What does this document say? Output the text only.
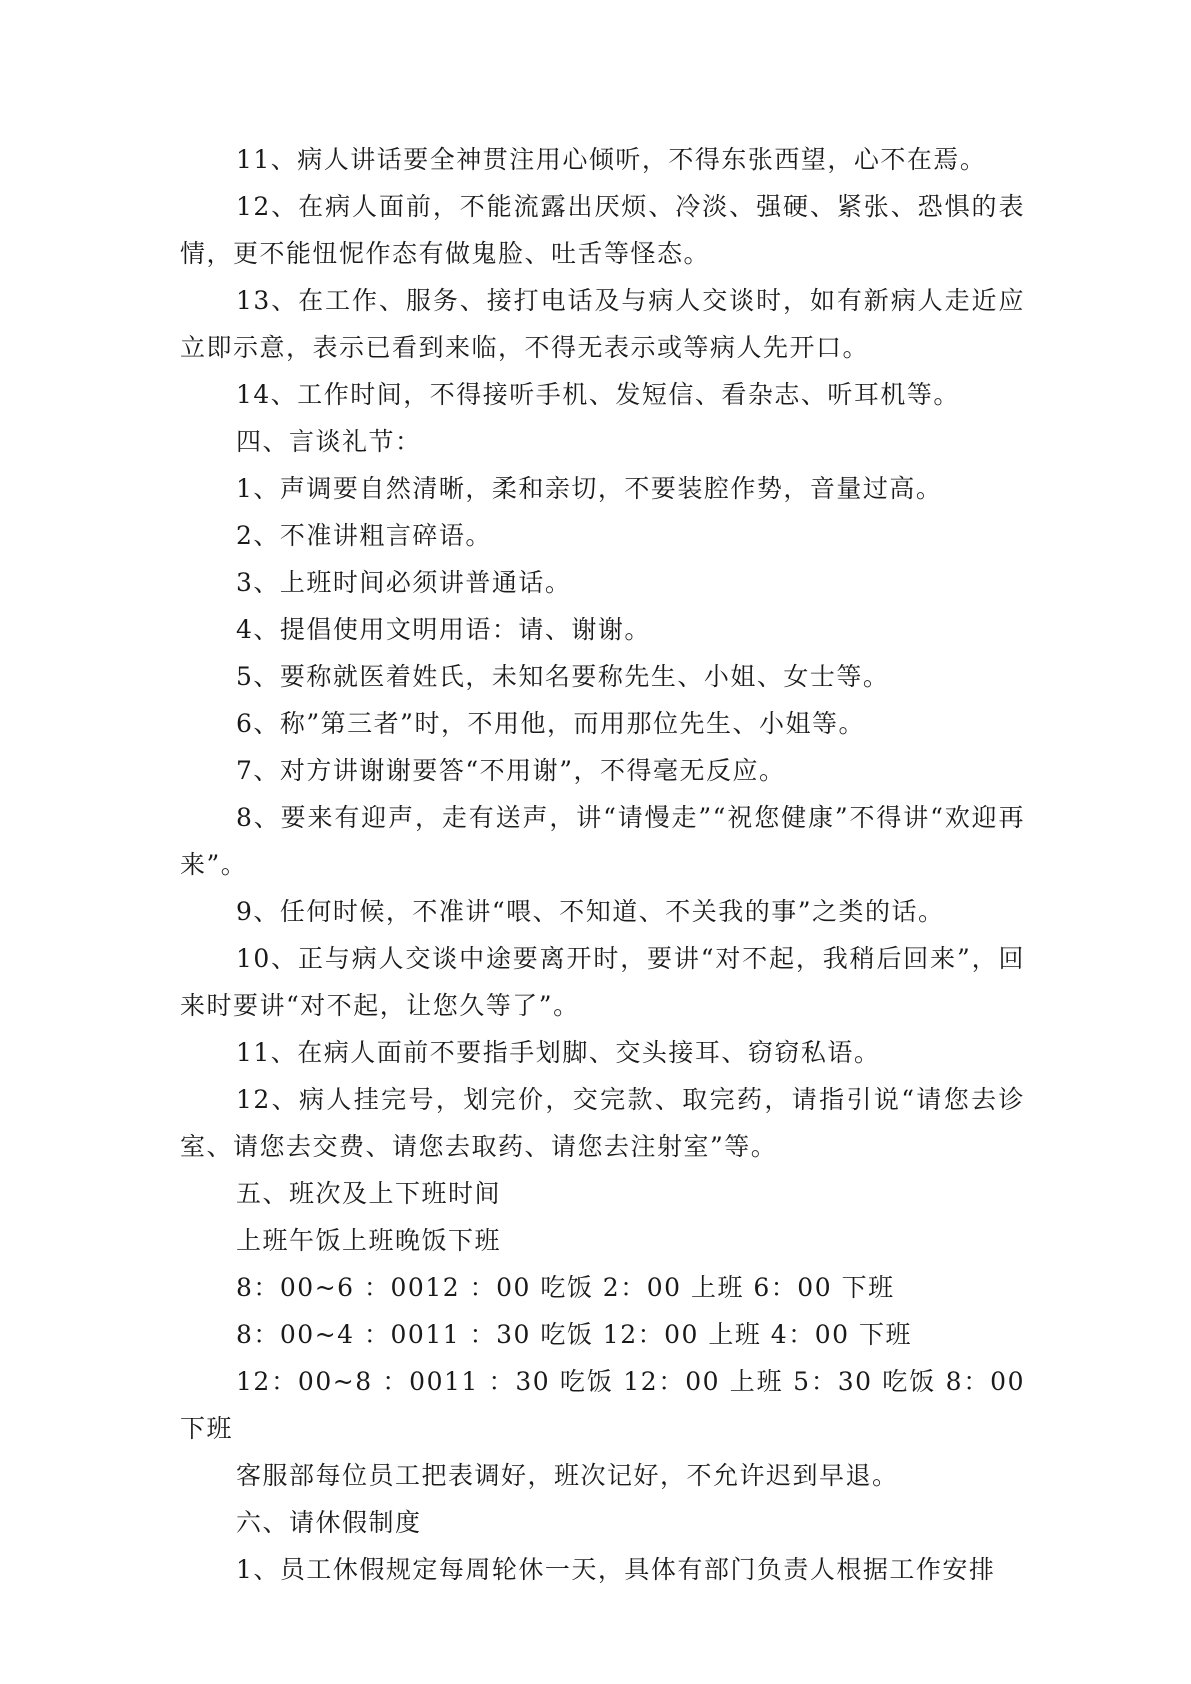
11、病人讲话要全神贯注用心倾听，不得东张西望，心不在焉。

12、在病人面前，不能流露出厌烦、冷淡、强硬、紧张、恐惧的表情，更不能忸怩作态有做鬼脸、吐舌等怪态。

13、在工作、服务、接打电话及与病人交谈时，如有新病人走近应立即示意，表示已看到来临，不得无表示或等病人先开口。

14、工作时间，不得接听手机、发短信、看杂志、听耳机等。

四、言谈礼节：

1、声调要自然清晰，柔和亲切，不要装腔作势，音量过高。

2、不准讲粗言碎语。

3、上班时间必须讲普通话。

4、提倡使用文明用语：请、谢谢。

5、要称就医着姓氏，未知名要称先生、小姐、女士等。

6、称”第三者”时，不用他，而用那位先生、小姐等。

7、对方讲谢谢要答“不用谢”，不得毫无反应。

8、要来有迎声，走有送声，讲“请慢走”“祝您健康”不得讲“欢迎再来”。

9、任何时候，不准讲“喂、不知道、不关我的事”之类的话。

10、正与病人交谈中途要离开时，要讲“对不起，我稍后回来”，回来时要讲“对不起，让您久等了”。

11、在病人面前不要指手划脚、交头接耳、窃窃私语。

12、病人挂完号，划完价，交完款、取完药，请指引说“请您去诊室、请您去交费、请您去取药、请您去注射室”等。

五、班次及上下班时间

上班午饭上班晚饭下班

8：00~6 ：0012 ：00 吃饭 2：00 上班 6：00 下班

8：00~4 ：0011 ：30 吃饭 12：00 上班 4：00 下班

12：00~8 ：0011 ：30 吃饭 12：00 上班 5：30 吃饭 8：00 下班

客服部每位员工把表调好，班次记好，不允许迟到早退。

六、请休假制度

1、员工休假规定每周轮休一天，具体有部门负责人根据工作安排
